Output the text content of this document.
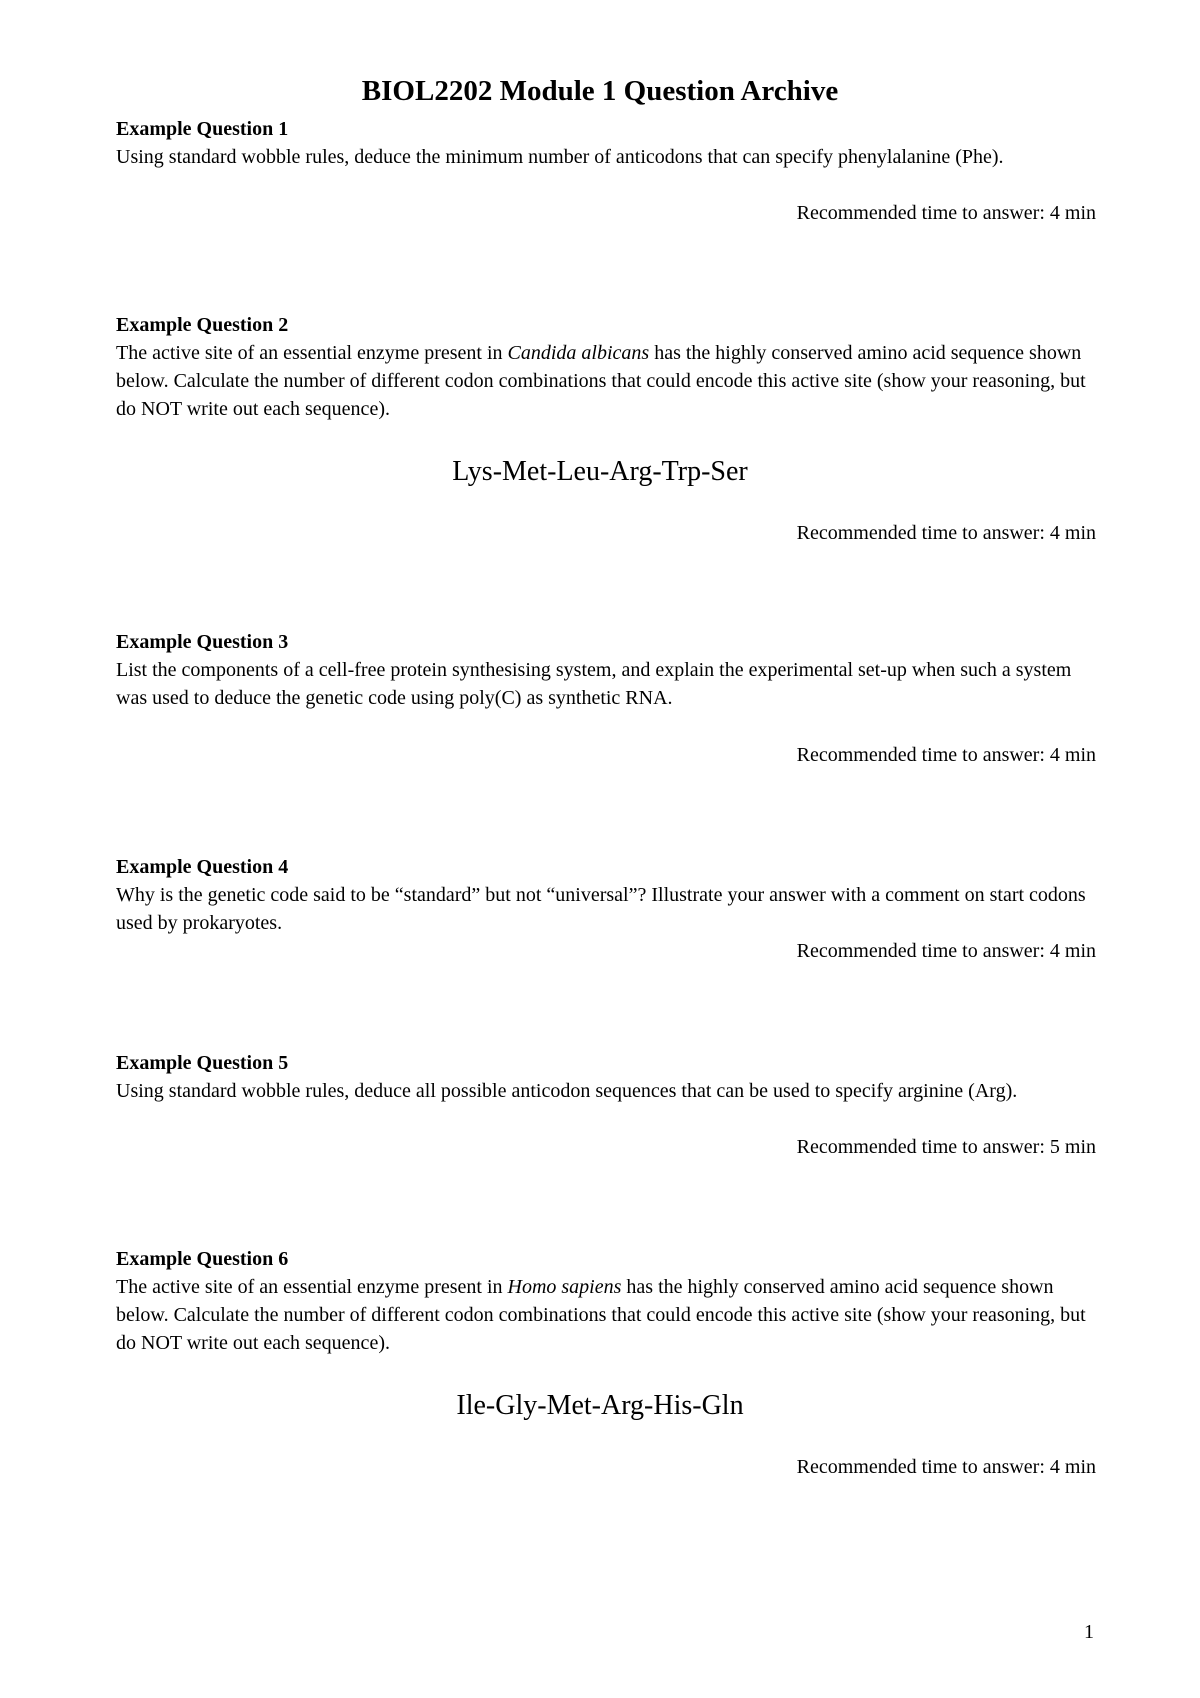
BIOL2202 Module 1 Question Archive

Example Question 1

Using standard wobble rules, deduce the minimum number of anticodons that can specify phenylalanine (Phe).

Recommended time to answer: 4 min

Example Question 2

The active site of an essential enzyme present in Candida albicans has the highly conserved amino acid sequence shown below. Calculate the number of different codon combinations that could encode this active site (show your reasoning, but do NOT write out each sequence).

Lys-Met-Leu-Arg-Trp-Ser

Recommended time to answer: 4 min

Example Question 3

List the components of a cell-free protein synthesising system, and explain the experimental set-up when such a system was used to deduce the genetic code using poly(C) as synthetic RNA.

Recommended time to answer: 4 min

Example Question 4

Why is the genetic code said to be “standard” but not “universal”? Illustrate your answer with a comment on start codons used by prokaryotes.

Recommended time to answer: 4 min

Example Question 5

Using standard wobble rules, deduce all possible anticodon sequences that can be used to specify arginine (Arg).

Recommended time to answer: 5 min

Example Question 6

The active site of an essential enzyme present in Homo sapiens has the highly conserved amino acid sequence shown below. Calculate the number of different codon combinations that could encode this active site (show your reasoning, but do NOT write out each sequence).

Ile-Gly-Met-Arg-His-Gln

Recommended time to answer: 4 min

1
